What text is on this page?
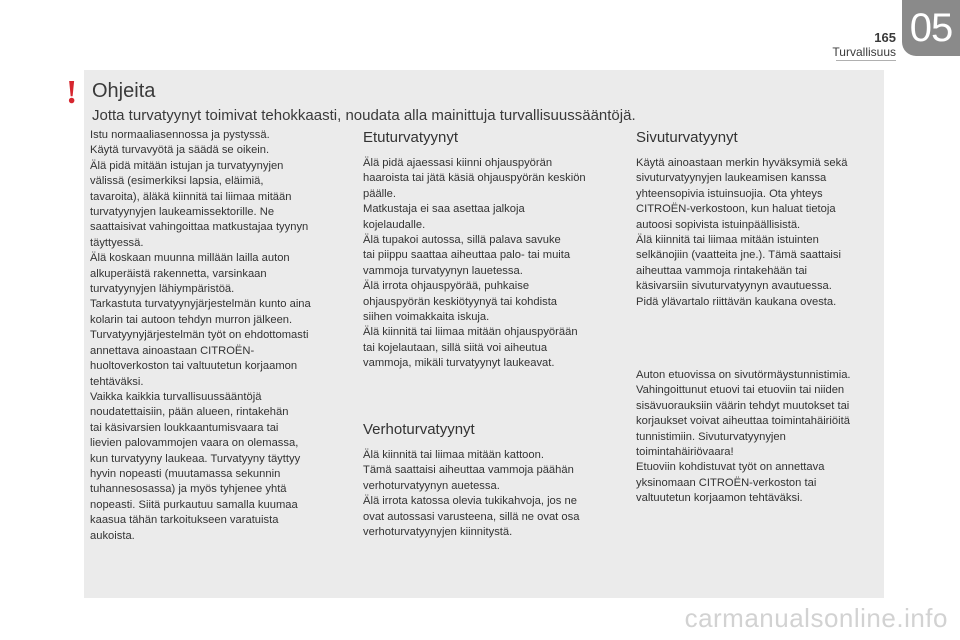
165
Turvallisuus
05
! Ohjeita
Jotta turvatyynyt toimivat tehokkaasti, noudata alla mainittuja turvallisuussääntöjä.

Istu normaaliasennossa ja pystyssä.
Käytä turvavyötä ja säädä se oikein.
Älä pidä mitään istujan ja turvatyynyjen
välissä (esimerkiksi lapsia, eläimiä,
tavaroita), äläkä kiinnitä tai liimaa mitään
turvatyynyjen laukeamissektorille. Ne
saattaisivat vahingoittaa matkustajaa tyynyn
täyttyessä.
Älä koskaan muunna millään lailla auton
alkuperäistä rakennetta, varsinkaan
turvatyynyjen lähiympäristöä.
Tarkastuta turvatyynyjärjestelmän kunto aina
kolarin tai autoon tehdyn murron jälkeen.
Turvatyynyjärjestelmän työt on ehdottomasti
annettava ainoastaan CITROËN-
huoltoverkoston tai valtuutetun korjaamon
tehtäväksi.
Vaikka kaikkia turvallisuussääntöjä
noudatettaisiin, pään alueen, rintakehän
tai käsivarsien loukkaantumisvaara tai
lievien palovammojen vaara on olemassa,
kun turvatyyny laukeaa. Turvatyyny täyttyy
hyvin nopeasti (muutamassa sekunnin
tuhannesosassa) ja myös tyhjenee yhtä
nopeasti. Siitä purkautuu samalla kuumaa
kaasua tähän tarkoitukseen varatuista
aukoista.

Etuturvatyynyt

Älä pidä ajaessasi kiinni ohjauspyörän
haaroista tai jätä käsiä ohjauspyörän keskiön
päälle.
Matkustaja ei saa asettaa jalkoja
kojelaudalle.
Älä tupakoi autossa, sillä palava savuke
tai piippu saattaa aiheuttaa palo- tai muita
vammoja turvatyynyn lauetessa.
Älä irrota ohjauspyörää, puhkaise
ohjauspyörän keskiötyynyä tai kohdista
siihen voimakkaita iskuja.
Älä kiinnitä tai liimaa mitään ohjauspyörään
tai kojelautaan, sillä siitä voi aiheutua
vammoja, mikäli turvatyynyt laukeavat.

Verhoturvatyynyt

Älä kiinnitä tai liimaa mitään kattoon.
Tämä saattaisi aiheuttaa vammoja päähän
verhoturvatyynyn auetessa.
Älä irrota katossa olevia tukikahvoja, jos ne
ovat autossasi varusteena, sillä ne ovat osa
verhoturvatyynyjen kiinnitystä.

Sivuturvatyynyt

Käytä ainoastaan merkin hyväksymiä sekä
sivuturvatyynyjen laukeamisen kanssa
yhteensopivia istuinsuojia. Ota yhteys
CITROËN-verkostoon, kun haluat tietoja
autoosi sopivista istuinpäällisistä.
Älä kiinnitä tai liimaa mitään istuinten
selkänojiin (vaatteita jne.). Tämä saattaisi
aiheuttaa vammoja rintakehään tai
käsivarsiin sivuturvatyynyn avautuessa.
Pidä ylävartalo riittävän kaukana ovesta.

Auton etuovissa on sivutörmäystunnistimia.
Vahingoittunut etuovi tai etuoviin tai niiden
sisävuorauksiin väärin tehdyt muutokset tai
korjaukset voivat aiheuttaa toimintahäiriöitä
tunnistimiin. Sivuturvatyynyjen
toimintahäiriövaara!
Etuoviin kohdistuvat työt on annettava
yksinomaan CITROËN-verkoston tai
valtuutetun korjaamon tehtäväksi.

carmanualsonline.info
